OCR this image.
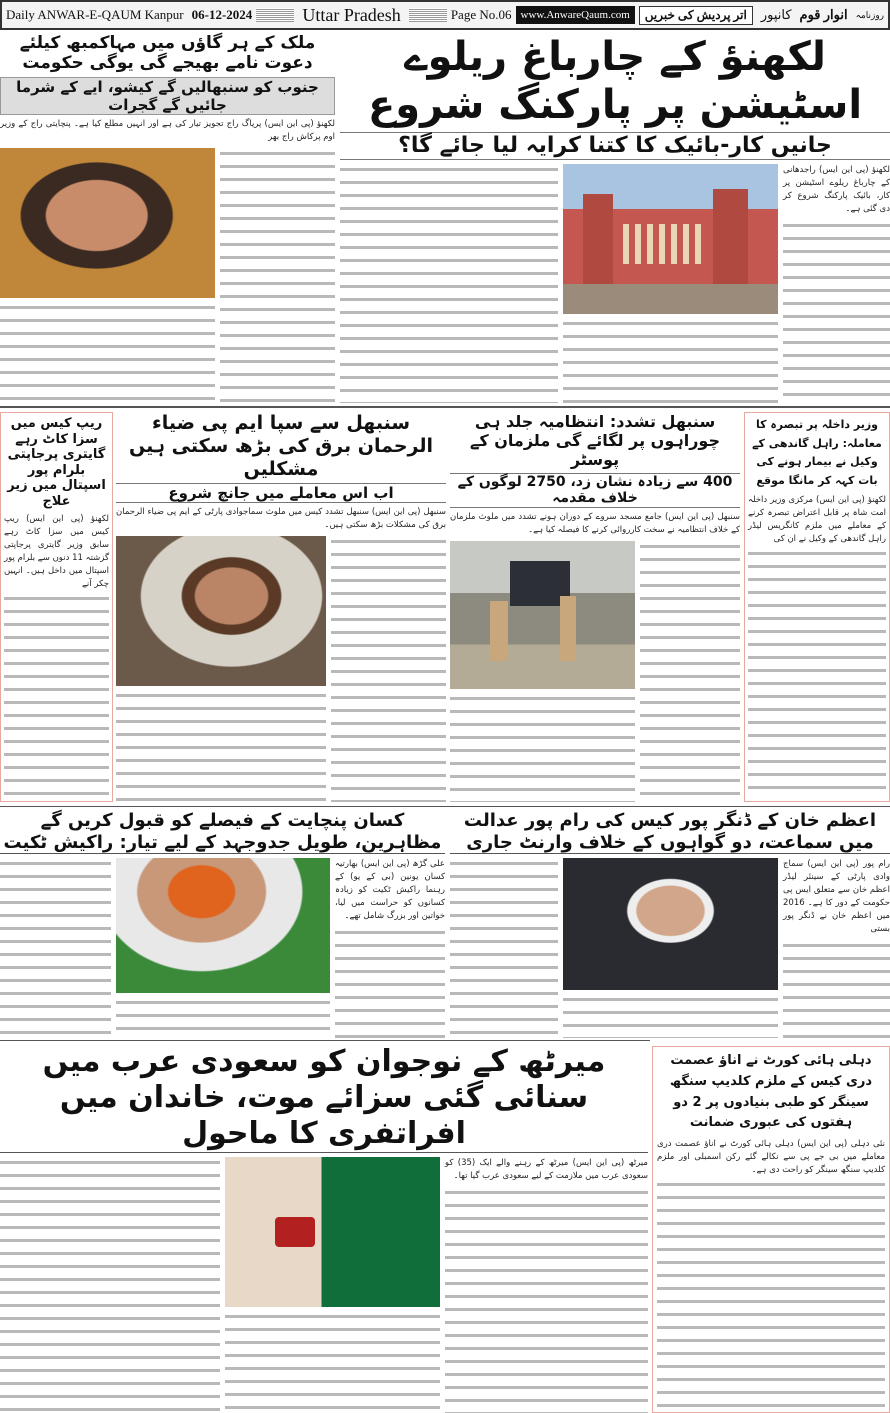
Daily ANWAR-E-QAUM Kanpur 06-12-2024	Uttar Pradesh	Page No.06 www.AnwareQaum.com	اتر پردیش کی خبریں	کانپور انوار قوم روزنامہ
لکھنؤ کے چارباغ ریلوے اسٹیشن پر پارکنگ شروع
جانیں کار-بائیک کا کتنا کرایہ لیا جائے گا؟
لکھنؤ (پی این ایس) راجدھانی کے چارباغ ریلوے اسٹیشن پر کار، بائیک پارکنگ شروع کر دی گئی ہے۔
ملک کے ہر گاؤں میں مہاکمبھ کیلئے دعوت نامے بھیجے گی یوگی حکومت
جنوب کو سنبھالیں گے کیشو، ایے کے شرما جائیں گے گجرات
لکھنؤ (پی این ایس) پریاگ راج تجویز تیار کی ہے اور انہیں مطلع کیا ہے۔ پنچایتی راج کے وزیر اوم پرکاش راج بھر
ریپ کیس میں سزا کاٹ رہے گایتری پرجاپتی بلرام پور اسپتال میں زیر علاج
لکھنؤ (پی این ایس) ریپ کیس میں سزا کاٹ رہے سابق وزیر گایتری پرجاپتی گزشتہ 11 دنوں سے بلرام پور اسپتال میں داخل ہیں۔ انہیں چکر آنے
سنبھل سے سپا ایم پی ضیاء الرحمان برق کی بڑھ سکتی ہیں مشکلیں
اب اس معاملے میں جانچ شروع
سنبھل (پی این ایس) سنبھل تشدد کیس میں ملوث سماجوادی پارٹی کے ایم پی ضیاء الرحمان برق کی مشکلات بڑھ سکتی ہیں۔
سنبھل تشدد: انتظامیہ جلد ہی چوراہوں پر لگائے گی ملزمان کے پوسٹر
400 سے زیادہ نشان زد، 2750 لوگوں کے خلاف مقدمہ
سنبھل (پی این ایس) جامع مسجد سروے کے دوران ہونے تشدد میں ملوث ملزمان کے خلاف انتظامیہ نے سخت کارروائی کرنے کا فیصلہ کیا ہے۔
وزیر داخلہ پر تبصرہ کا معاملہ: راہل گاندھی کے وکیل نے بیمار ہونے کی بات کہہ کر مانگا موقع
لکھنؤ (پی این ایس) مرکزی وزیر داخلہ امت شاہ پر قابل اعتراض تبصرہ کرنے کے معاملے میں ملزم کانگریس لیڈر راہل گاندھی کے وکیل نے ان کی
اعظم خان کے ڈنگر پور کیس کی رام پور عدالت میں سماعت، دو گواہوں کے خلاف وارنٹ جاری
رام پور (پی این ایس) سماج وادی پارٹی کے سینئر لیڈر اعظم خان سے متعلق ایس پی حکومت کے دور کا ہے۔ 2016 میں اعظم خان نے ڈنگر پور بستی
کسان پنچایت کے فیصلے کو قبول کریں گے مظاہرین، طویل جدوجہد کے لیے تیار: راکیش ٹکیت
علی گڑھ (پی این ایس) بھارتیہ کسان یونین (بی کے یو) کے رہنما راکیش ٹکیت کو زیادہ کسانوں کو حراست میں لیا، خواتین اور بزرگ شامل تھے۔
میرٹھ کے نوجوان کو سعودی عرب میں سنائی گئی سزائے موت، خاندان میں افراتفری کا ماحول
میرٹھ (پی این ایس) میرٹھ کے رہنے والے ایک (35) کو سعودی عرب میں ملازمت کے لیے سعودی عرب گیا تھا۔
دہلی ہائی کورٹ نے اناؤ عصمت دری کیس کے ملزم کلدیپ سنگھ سینگر کو طبی بنیادوں پر 2 دو ہفتوں کی عبوری ضمانت
نئی دہلی (پی این ایس) دہلی ہائی کورٹ نے اناؤ عصمت دری معاملے میں بی جے پی سے نکالے گئے رکن اسمبلی اور ملزم کلدیپ سنگھ سینگر کو راحت دی ہے۔
